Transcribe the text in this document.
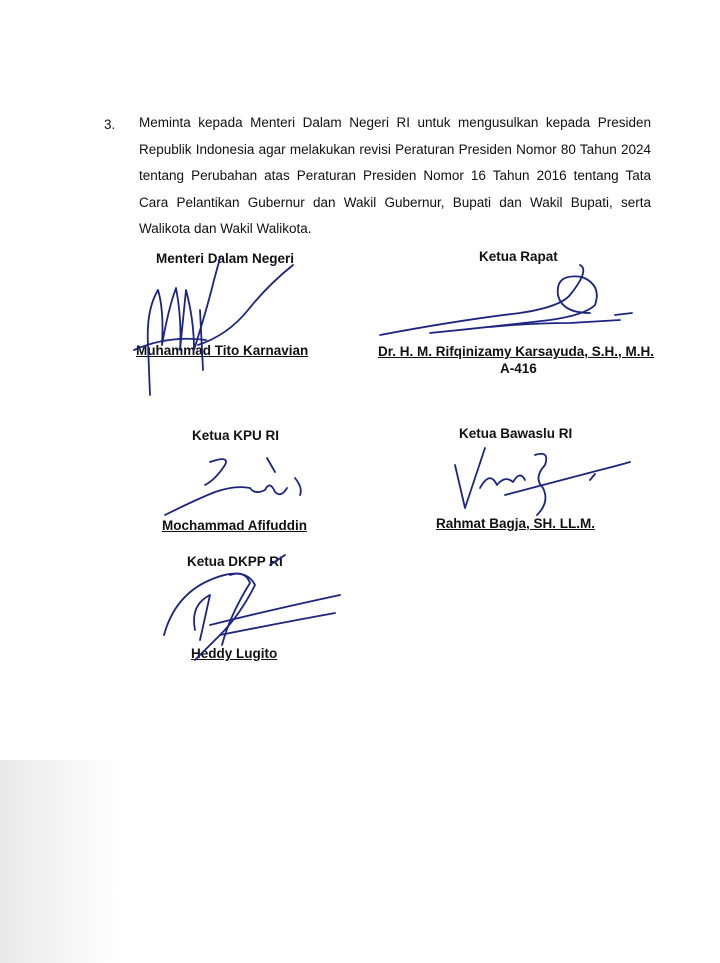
3. Meminta kepada Menteri Dalam Negeri RI untuk mengusulkan kepada Presiden Republik Indonesia agar melakukan revisi Peraturan Presiden Nomor 80 Tahun 2024 tentang Perubahan atas Peraturan Presiden Nomor 16 Tahun 2016 tentang Tata Cara Pelantikan Gubernur dan Wakil Gubernur, Bupati dan Wakil Bupati, serta Walikota dan Wakil Walikota.

Menteri Dalam Negeri
Muhammad Tito Karnavian
Ketua Rapat
Dr. H. M. Rifqinizamy Karsayuda, S.H., M.H.
A-416
Ketua KPU RI
Mochammad Afifuddin
Ketua Bawaslu RI
Rahmat Bagja, SH. LL.M.
Ketua DKPP RI
Heddy Lugito
